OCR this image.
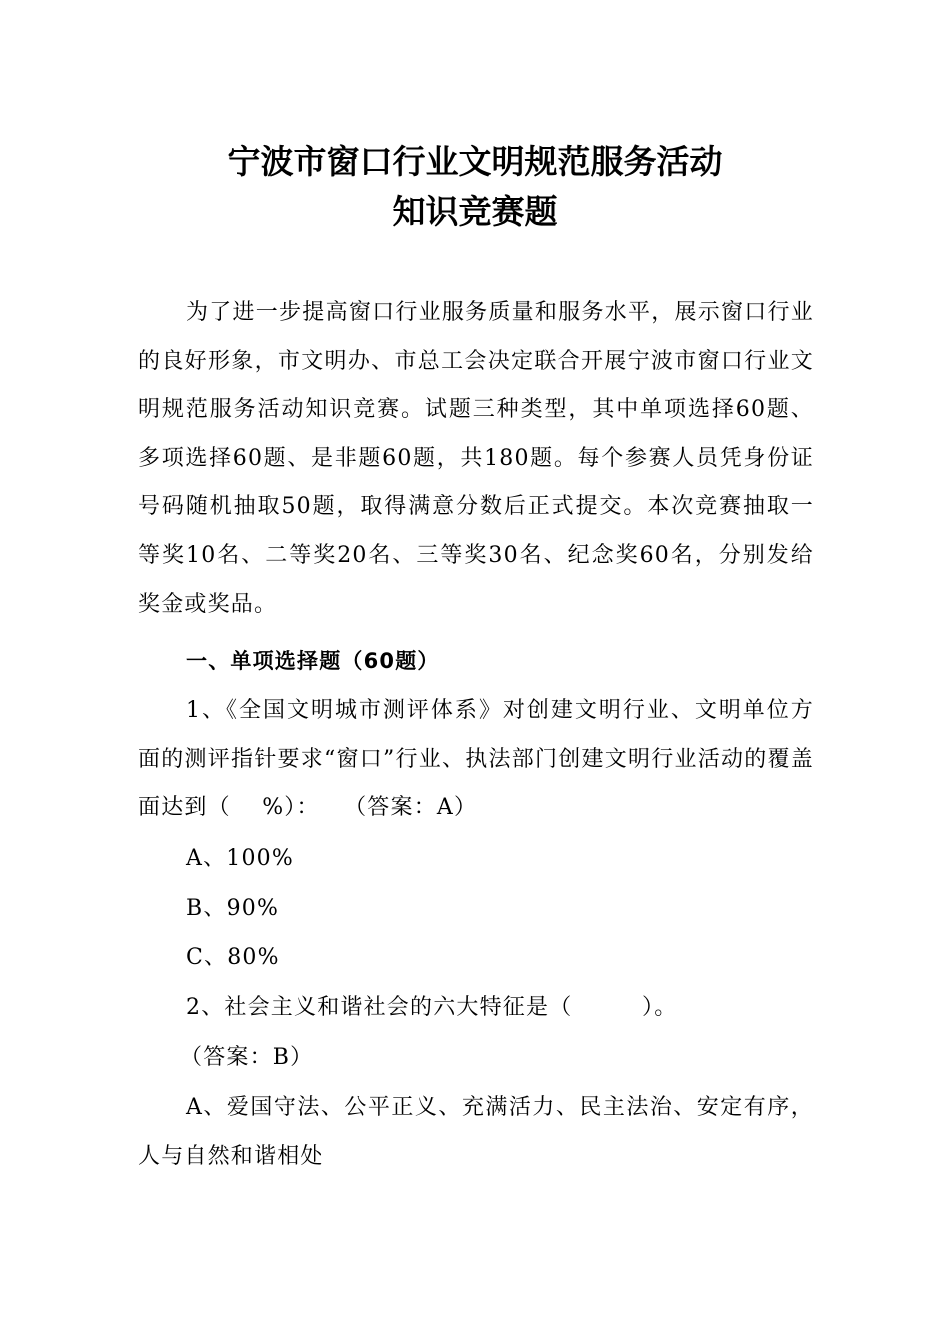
宁波市窗口行业文明规范服务活动
知识竞赛题

为了进一步提高窗口行业服务质量和服务水平，展示窗口行业的良好形象，市文明办、市总工会决定联合开展宁波市窗口行业文明规范服务活动知识竞赛。试题三种类型，其中单项选择60题、多项选择60题、是非题60题，共180题。每个参赛人员凭身份证号码随机抽取50题，取得满意分数后正式提交。本次竞赛抽取一等奖10名、二等奖20名、三等奖30名、纪念奖60名，分别发给奖金或奖品。

一、单项选择题（60题）

1、《全国文明城市测评体系》对创建文明行业、文明单位方面的测评指针要求“窗口”行业、执法部门创建文明行业活动的覆盖面达到（　 %）：　　（答案：A）

A、100%
B、90%
C、80%
2、社会主义和谐社会的六大特征是（　　　）。
（答案：B）

A、爱国守法、公平正义、充满活力、民主法治、安定有序，人与自然和谐相处
